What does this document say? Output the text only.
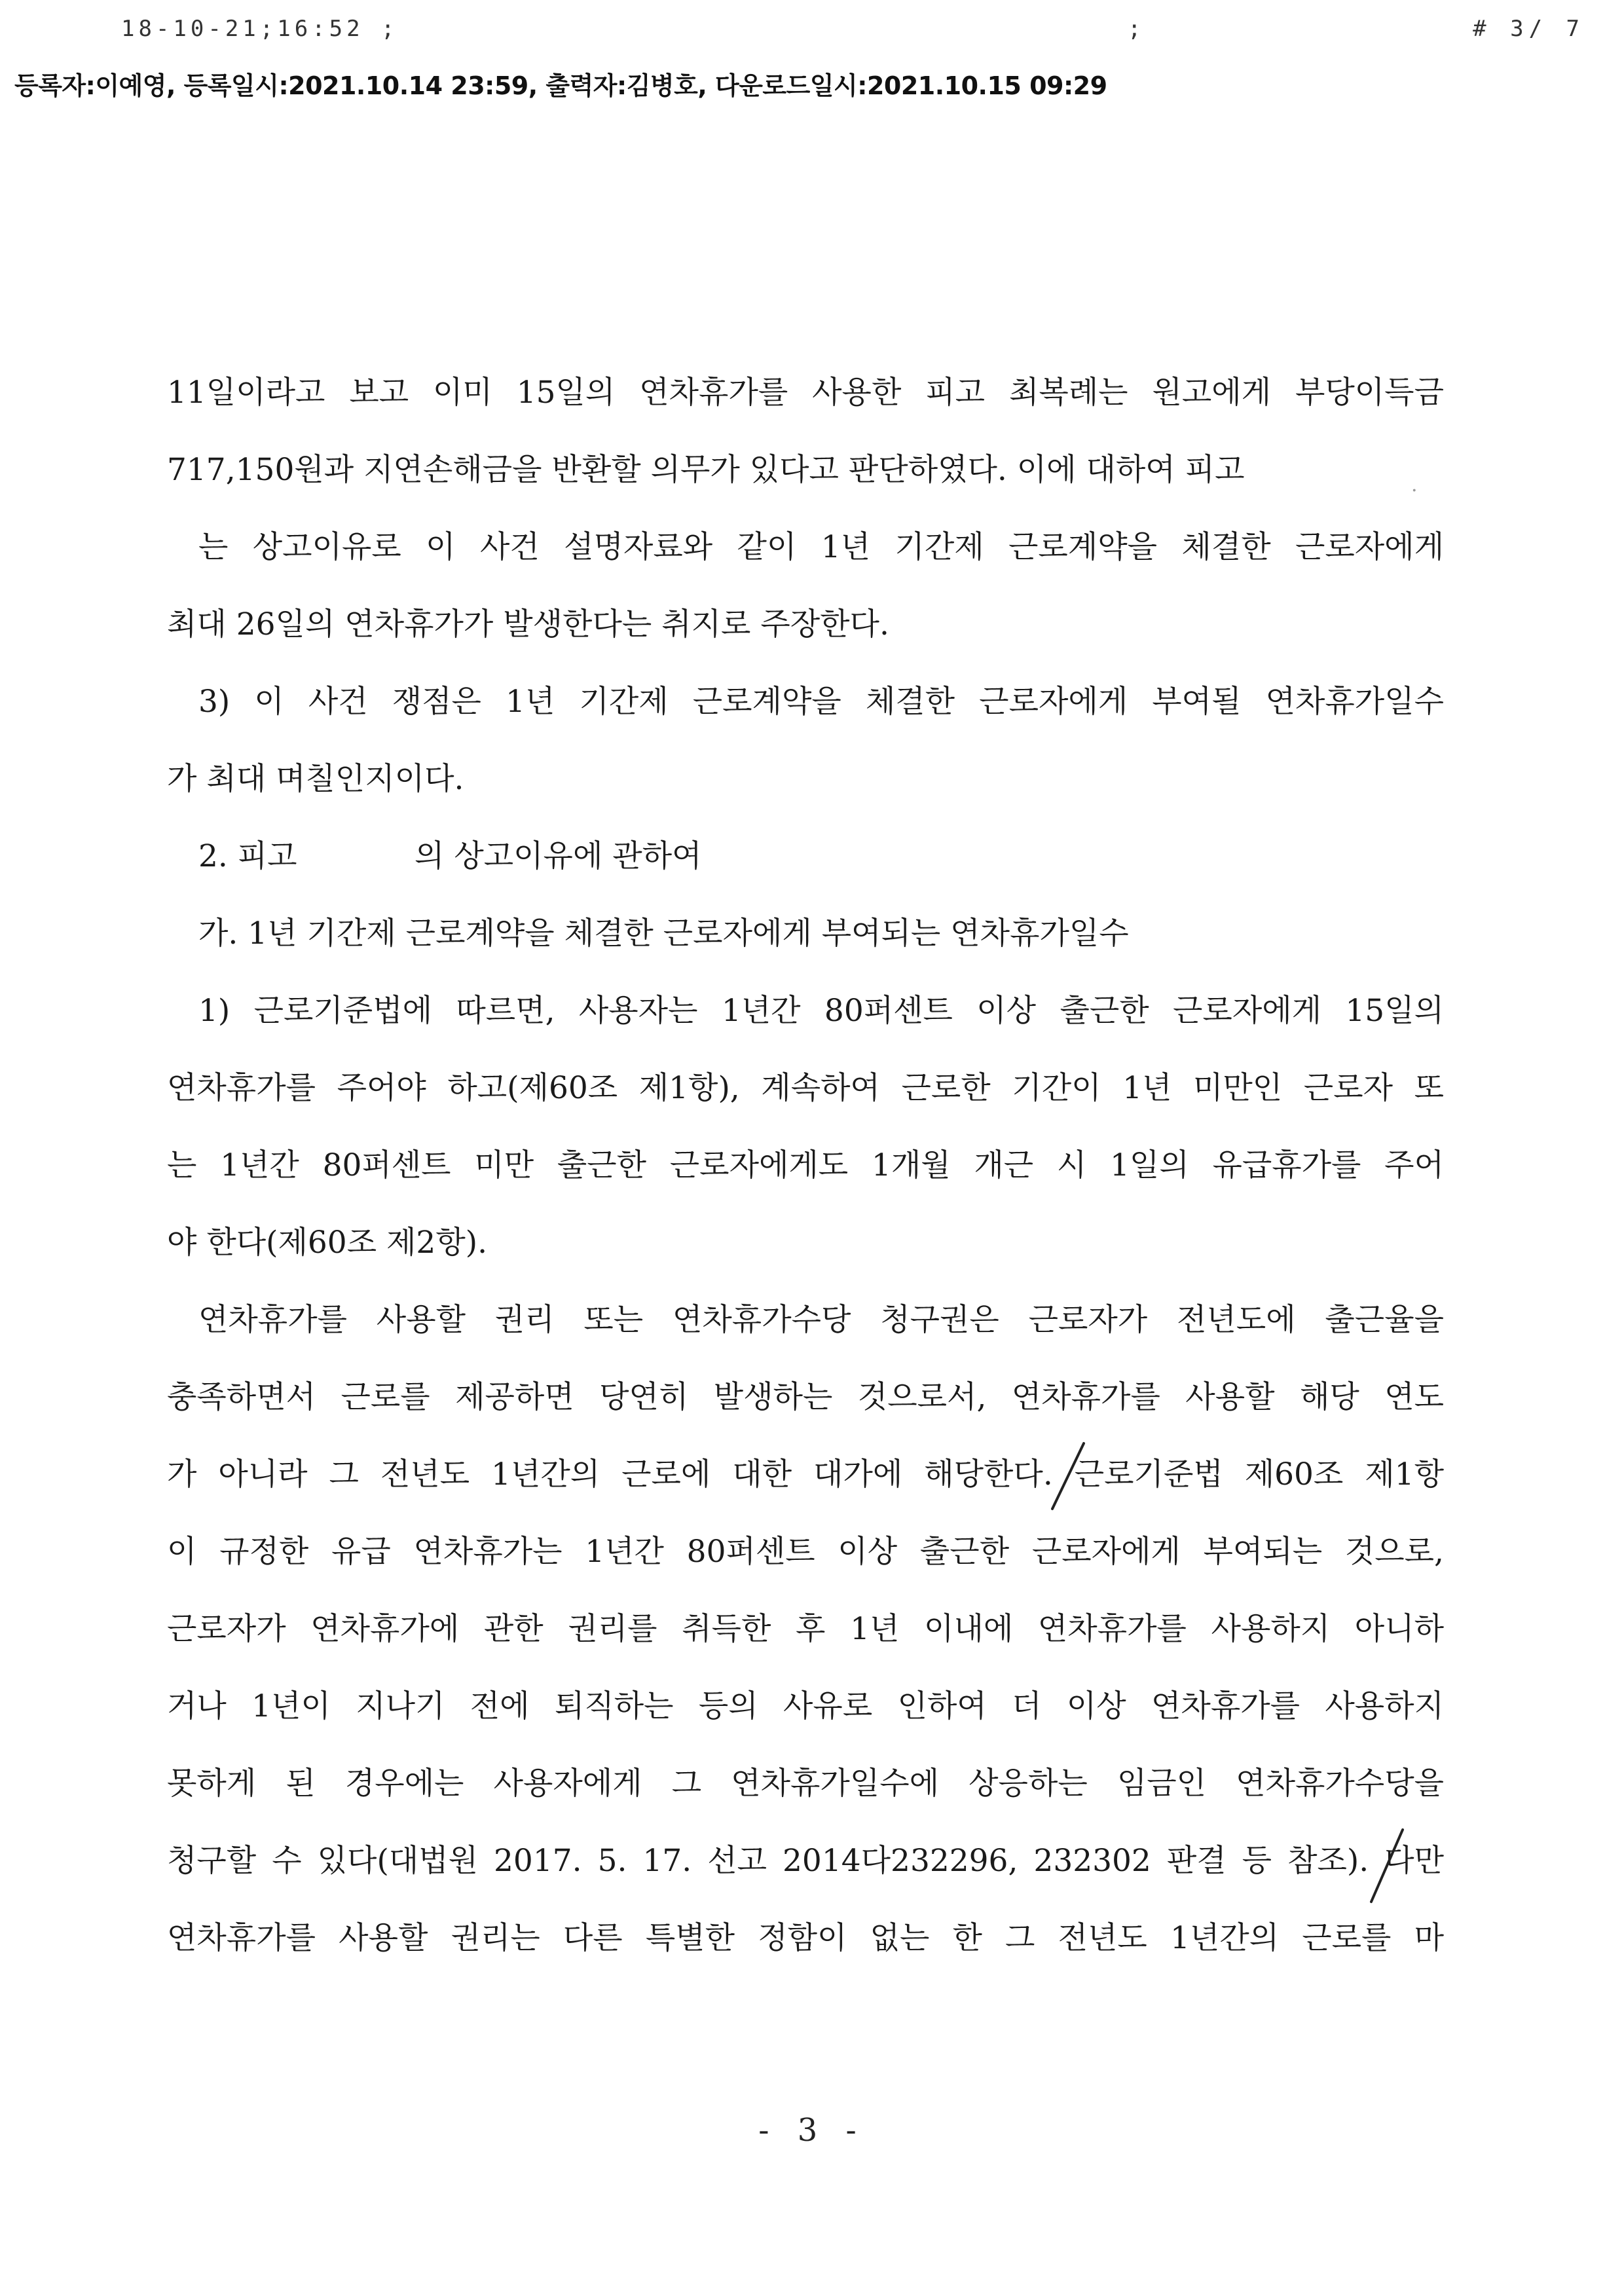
18-10-21;16:52 ;	;	# 3/ 7
등록자:이예영, 등록일시:2021.10.14 23:59, 출력자:김병호, 다운로드일시:2021.10.15 09:29
·
11일이라고 보고 이미 15일의 연차휴가를 사용한 피고 최복례는 원고에게 부당이득금
717,150원과 지연손해금을 반환할 의무가 있다고 판단하였다. 이에 대하여 피고
는 상고이유로 이 사건 설명자료와 같이 1년 기간제 근로계약을 체결한 근로자에게
최대 26일의 연차휴가가 발생한다는 취지로 주장한다.
3) 이 사건 쟁점은 1년 기간제 근로계약을 체결한 근로자에게 부여될 연차휴가일수
가 최대 며칠인지이다.
2. 피고	의 상고이유에 관하여
가. 1년 기간제 근로계약을 체결한 근로자에게 부여되는 연차휴가일수
1) 근로기준법에 따르면, 사용자는 1년간 80퍼센트 이상 출근한 근로자에게 15일의
연차휴가를 주어야 하고(제60조 제1항), 계속하여 근로한 기간이 1년 미만인 근로자 또
는 1년간 80퍼센트 미만 출근한 근로자에게도 1개월 개근 시 1일의 유급휴가를 주어
야 한다(제60조 제2항).
연차휴가를 사용할 권리 또는 연차휴가수당 청구권은 근로자가 전년도에 출근율을
충족하면서 근로를 제공하면 당연히 발생하는 것으로서, 연차휴가를 사용할 해당 연도
가 아니라 그 전년도 1년간의 근로에 대한 대가에 해당한다. 근로기준법 제60조 제1항
이 규정한 유급 연차휴가는 1년간 80퍼센트 이상 출근한 근로자에게 부여되는 것으로,
근로자가 연차휴가에 관한 권리를 취득한 후 1년 이내에 연차휴가를 사용하지 아니하
거나 1년이 지나기 전에 퇴직하는 등의 사유로 인하여 더 이상 연차휴가를 사용하지
못하게 된 경우에는 사용자에게 그 연차휴가일수에 상응하는 임금인 연차휴가수당을
청구할 수 있다(대법원 2017. 5. 17. 선고 2014다232296, 232302 판결 등 참조). 다만
연차휴가를 사용할 권리는 다른 특별한 정함이 없는 한 그 전년도 1년간의 근로를 마
- 3 -
